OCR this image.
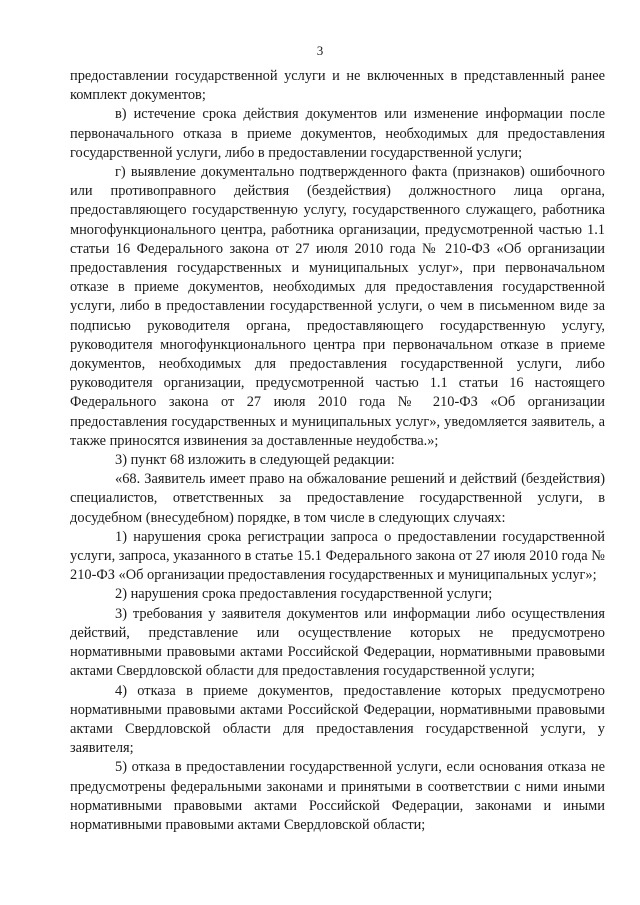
3

предоставлении государственной услуги и не включенных в представленный ранее комплект документов;

в) истечение срока действия документов или изменение информации после первоначального отказа в приеме документов, необходимых для предоставления государственной услуги, либо в предоставлении государственной услуги;

г) выявление документально подтвержденного факта (признаков) ошибочного или противоправного действия (бездействия) должностного лица органа, предоставляющего государственную услугу, государственного служащего, работника многофункционального центра, работника организации, предусмотренной частью 1.1 статьи 16 Федерального закона от 27 июля 2010 года № 210-ФЗ «Об организации предоставления государственных и муниципальных услуг», при первоначальном отказе в приеме документов, необходимых для предоставления государственной услуги, либо в предоставлении государственной услуги, о чем в письменном виде за подписью руководителя органа, предоставляющего государственную услугу, руководителя многофункционального центра при первоначальном отказе в приеме документов, необходимых для предоставления государственной услуги, либо руководителя организации, предусмотренной частью 1.1 статьи 16 настоящего Федерального закона от 27 июля 2010 года № 210-ФЗ «Об организации предоставления государственных и муниципальных услуг», уведомляется заявитель, а также приносятся извинения за доставленные неудобства.»;

3) пункт 68 изложить в следующей редакции:

«68. Заявитель имеет право на обжалование решений и действий (бездействия) специалистов, ответственных за предоставление государственной услуги, в досудебном (внесудебном) порядке, в том числе в следующих случаях:

1) нарушения срока регистрации запроса о предоставлении государственной услуги, запроса, указанного в статье 15.1 Федерального закона от 27 июля 2010 года № 210-ФЗ «Об организации предоставления государственных и муниципальных услуг»;

2) нарушения срока предоставления государственной услуги;

3) требования у заявителя документов или информации либо осуществления действий, представление или осуществление которых не предусмотрено нормативными правовыми актами Российской Федерации, нормативными правовыми актами Свердловской области для предоставления государственной услуги;

4) отказа в приеме документов, предоставление которых предусмотрено нормативными правовыми актами Российской Федерации, нормативными правовыми актами Свердловской области для предоставления государственной услуги, у заявителя;

5) отказа в предоставлении государственной услуги, если основания отказа не предусмотрены федеральными законами и принятыми в соответствии с ними иными нормативными правовыми актами Российской Федерации, законами и иными нормативными правовыми актами Свердловской области;
